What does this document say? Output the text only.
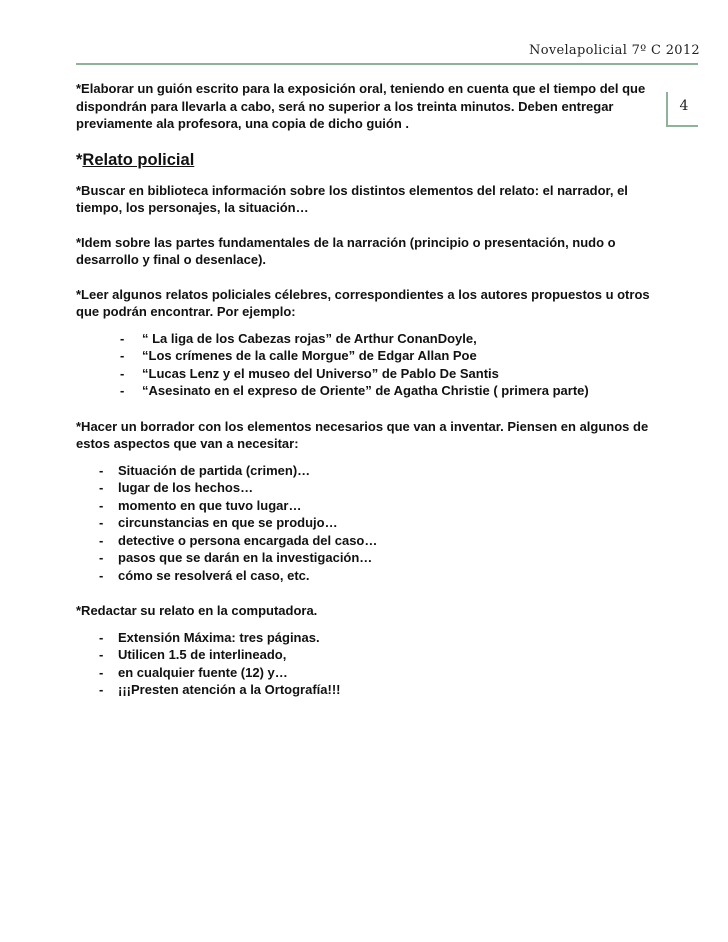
Novelapolicial 7º C 2012
4

*Elaborar un guión escrito para la exposición oral, teniendo en cuenta que el tiempo del que dispondrán para llevarla a cabo, será no superior a los treinta minutos. Deben entregar previamente ala profesora, una copia de dicho guión .

*Relato policial

*Buscar en biblioteca información sobre los distintos elementos del relato: el narrador, el tiempo, los personajes, la situación…

*Idem sobre las partes fundamentales de la narración (principio o presentación, nudo o desarrollo y final o desenlace).

*Leer algunos relatos policiales célebres, correspondientes a los autores propuestos u otros que podrán encontrar. Por ejemplo:

- “ La liga de los Cabezas rojas” de Arthur ConanDoyle,
- “Los crímenes de la calle Morgue” de Edgar Allan Poe
- “Lucas Lenz y el museo del Universo” de Pablo De Santis
- “Asesinato en el expreso de Oriente” de Agatha Christie ( primera parte)

*Hacer un borrador con los elementos necesarios que van a inventar. Piensen en algunos de estos aspectos que van a necesitar:

- Situación de partida (crimen)…
- lugar de los hechos…
- momento en que tuvo lugar…
- circunstancias en que se produjo…
- detective o persona encargada del caso…
- pasos que se darán en la investigación…
- cómo se resolverá el caso, etc.

*Redactar su relato en la computadora.

- Extensión Máxima: tres páginas.
- Utilicen 1.5 de interlineado,
- en cualquier fuente (12) y…
- ¡¡¡Presten atención a la Ortografía!!!
